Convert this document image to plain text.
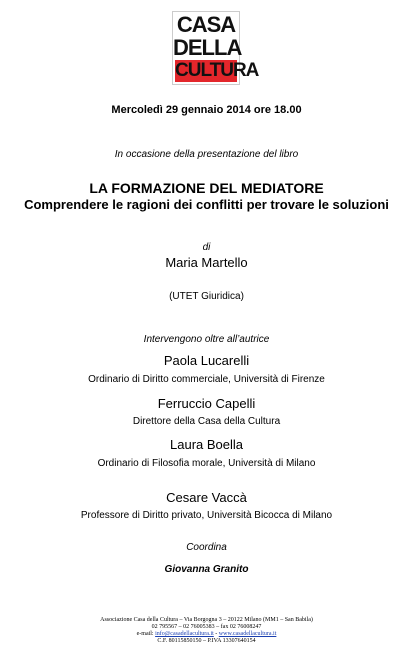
CASA
DELLA
CULTURA
Mercoledì 29 gennaio 2014 ore 18.00
In occasione della presentazione del libro
LA FORMAZIONE DEL MEDIATORE
Comprendere le ragioni dei conflitti per trovare le soluzioni
di
Maria Martello
(UTET Giuridica)
Intervengono oltre all’autrice
Paola Lucarelli
Ordinario di Diritto commerciale, Università di Firenze
Ferruccio Capelli
Direttore della Casa della Cultura
Laura Boella
Ordinario di Filosofia morale, Università di Milano
Cesare Vaccà
Professore di Diritto privato, Università Bicocca di Milano
Coordina
Giovanna Granito
Associazione Casa della Cultura – Via Borgogna 3 – 20122 Milano (MM1 – San Babila)
02 795567 – 02 76005383 – fax 02 76008247
e-mail: info@casadellacultura.it - www.casadellacultura.it
C.F. 80115850150 – P.IVA 13307640154
